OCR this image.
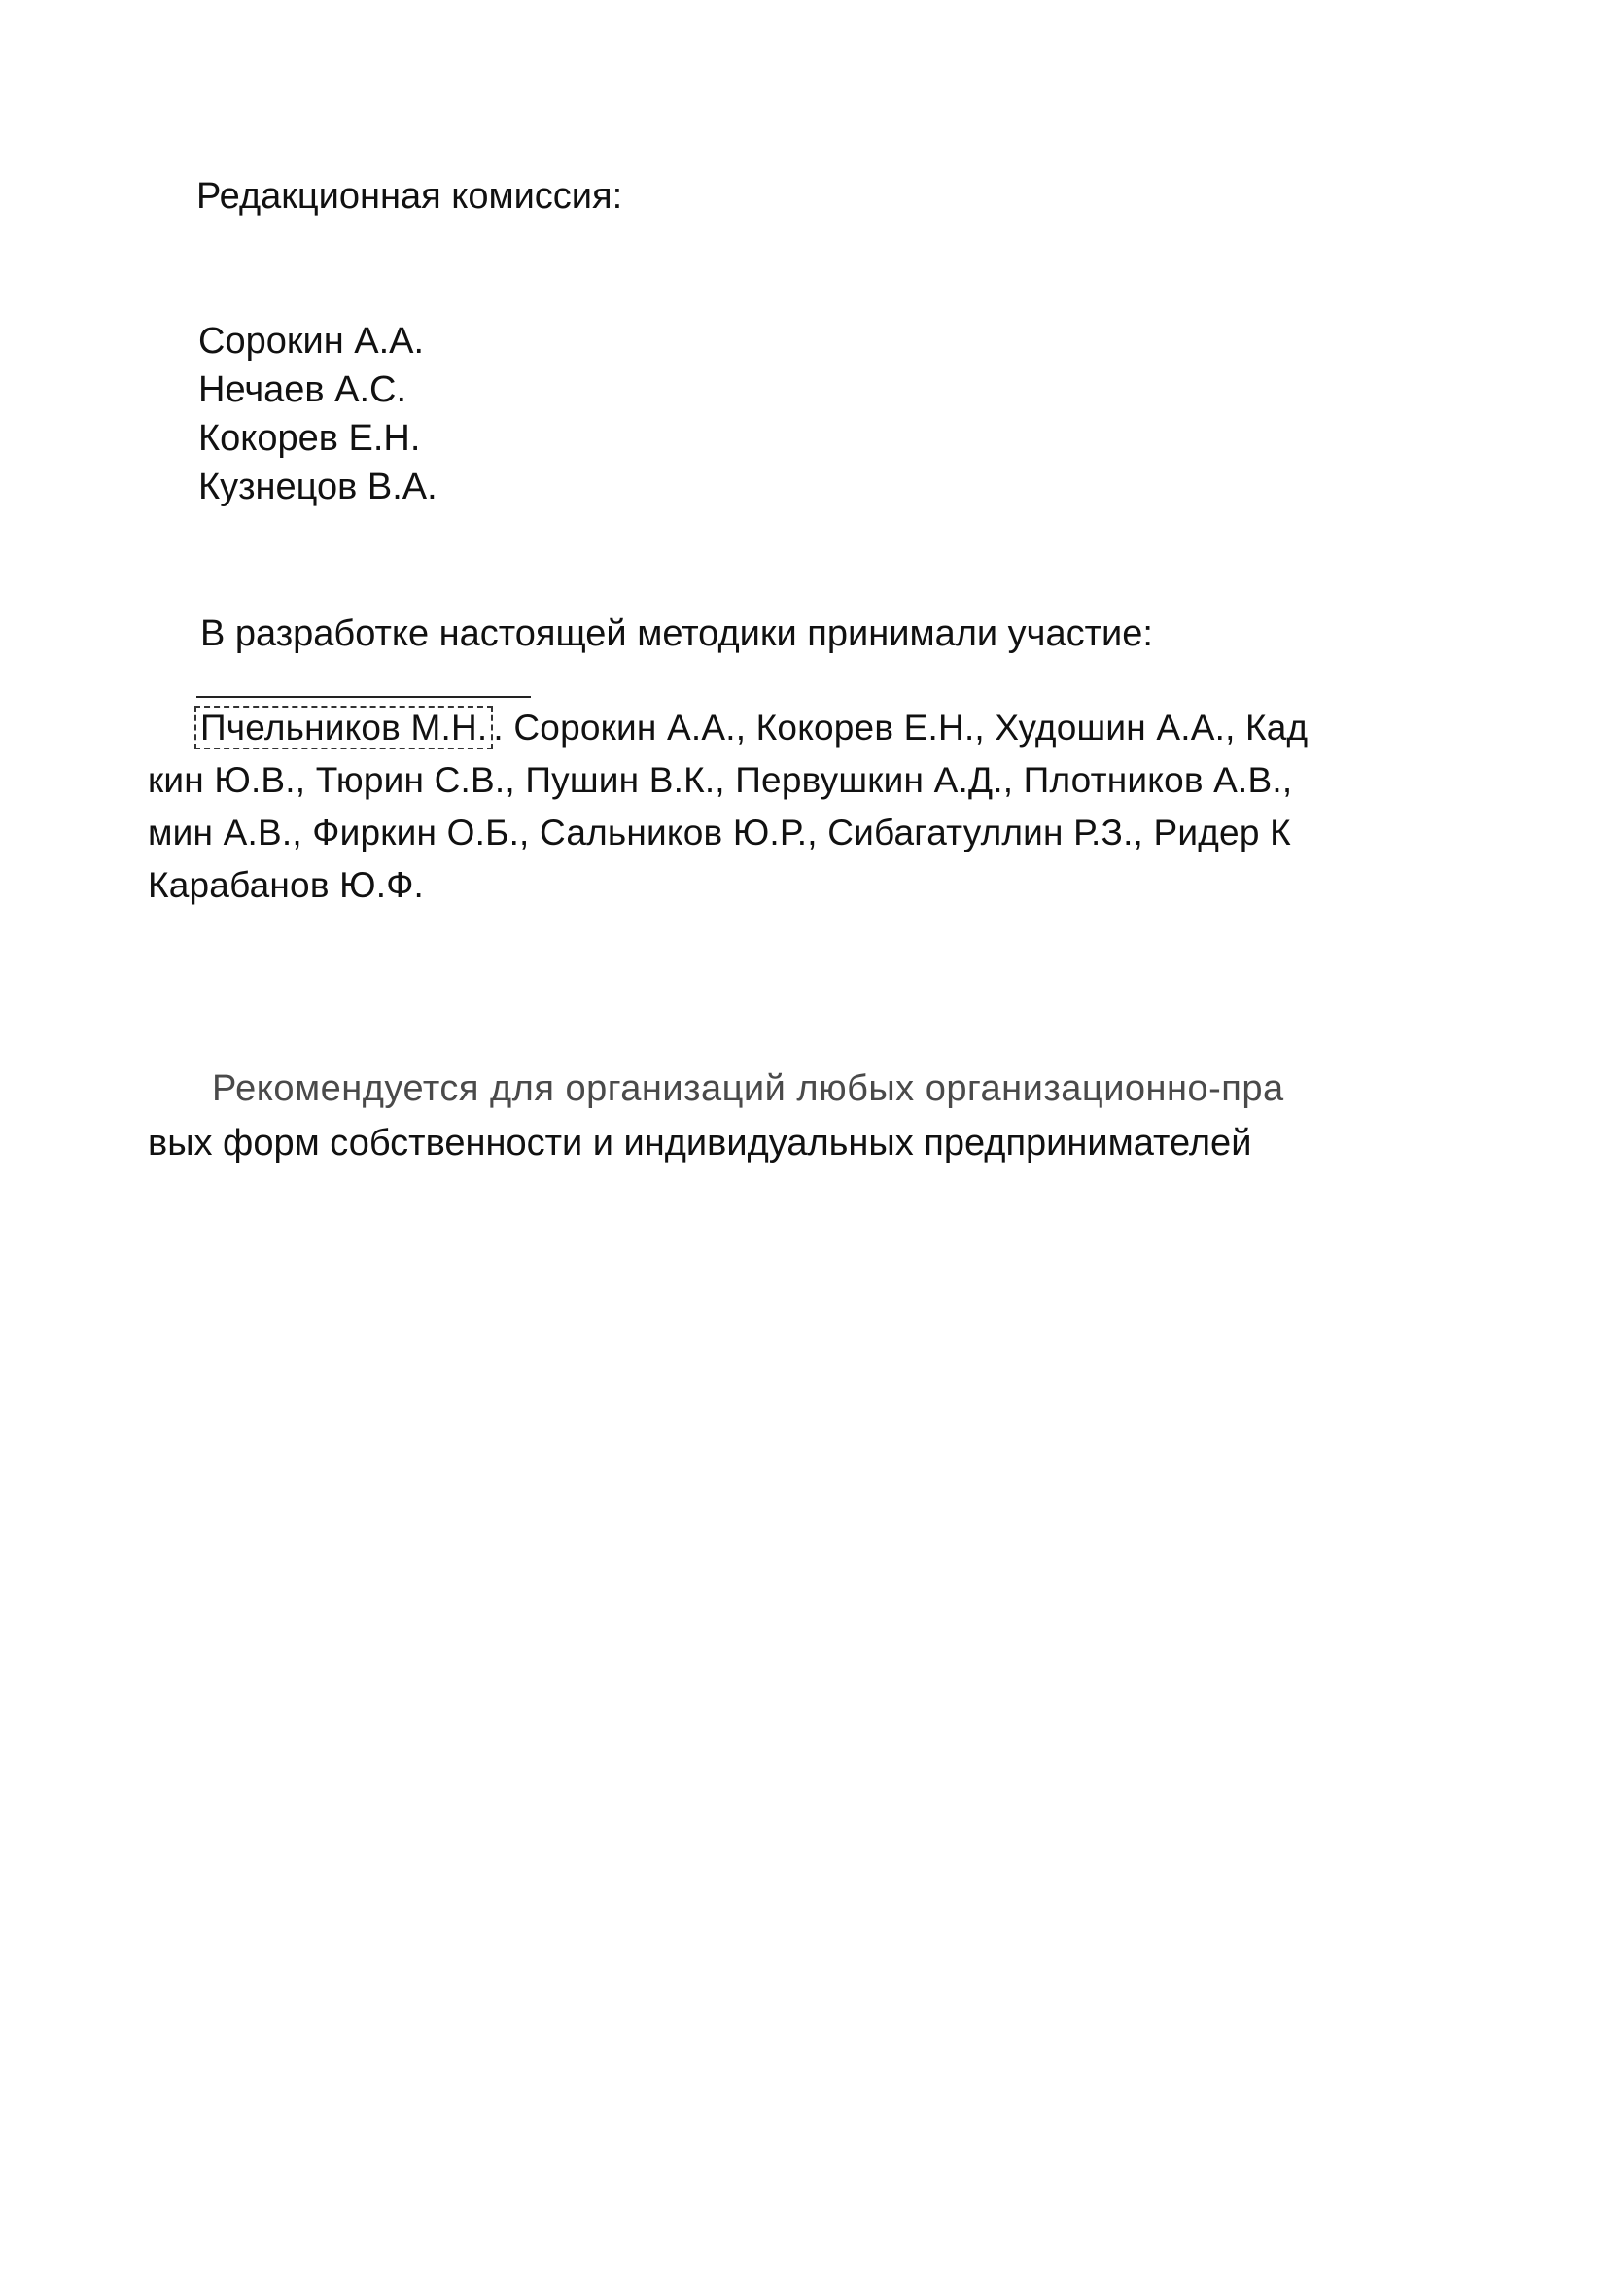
Редакционная комиссия:
Сорокин А.А.
Нечаев А.С.
Кокорев Е.Н.
Кузнецов В.А.
В разработке настоящей методики принимали участие:
Пчельников М.Н. . Сорокин А.А., Кокорев Е.Н., Худошин А.А., Кад
кин Ю.В., Тюрин С.В., Пушин В.К., Первушкин А.Д., Плотников А.В.,
мин А.В., Фиркин О.Б., Сальников Ю.Р., Сибагатуллин Р.З., Ридер К
Карабанов Ю.Ф.
Рекомендуется для организаций любых организационно-пра
вых форм собственности и индивидуальных предпринимателей
